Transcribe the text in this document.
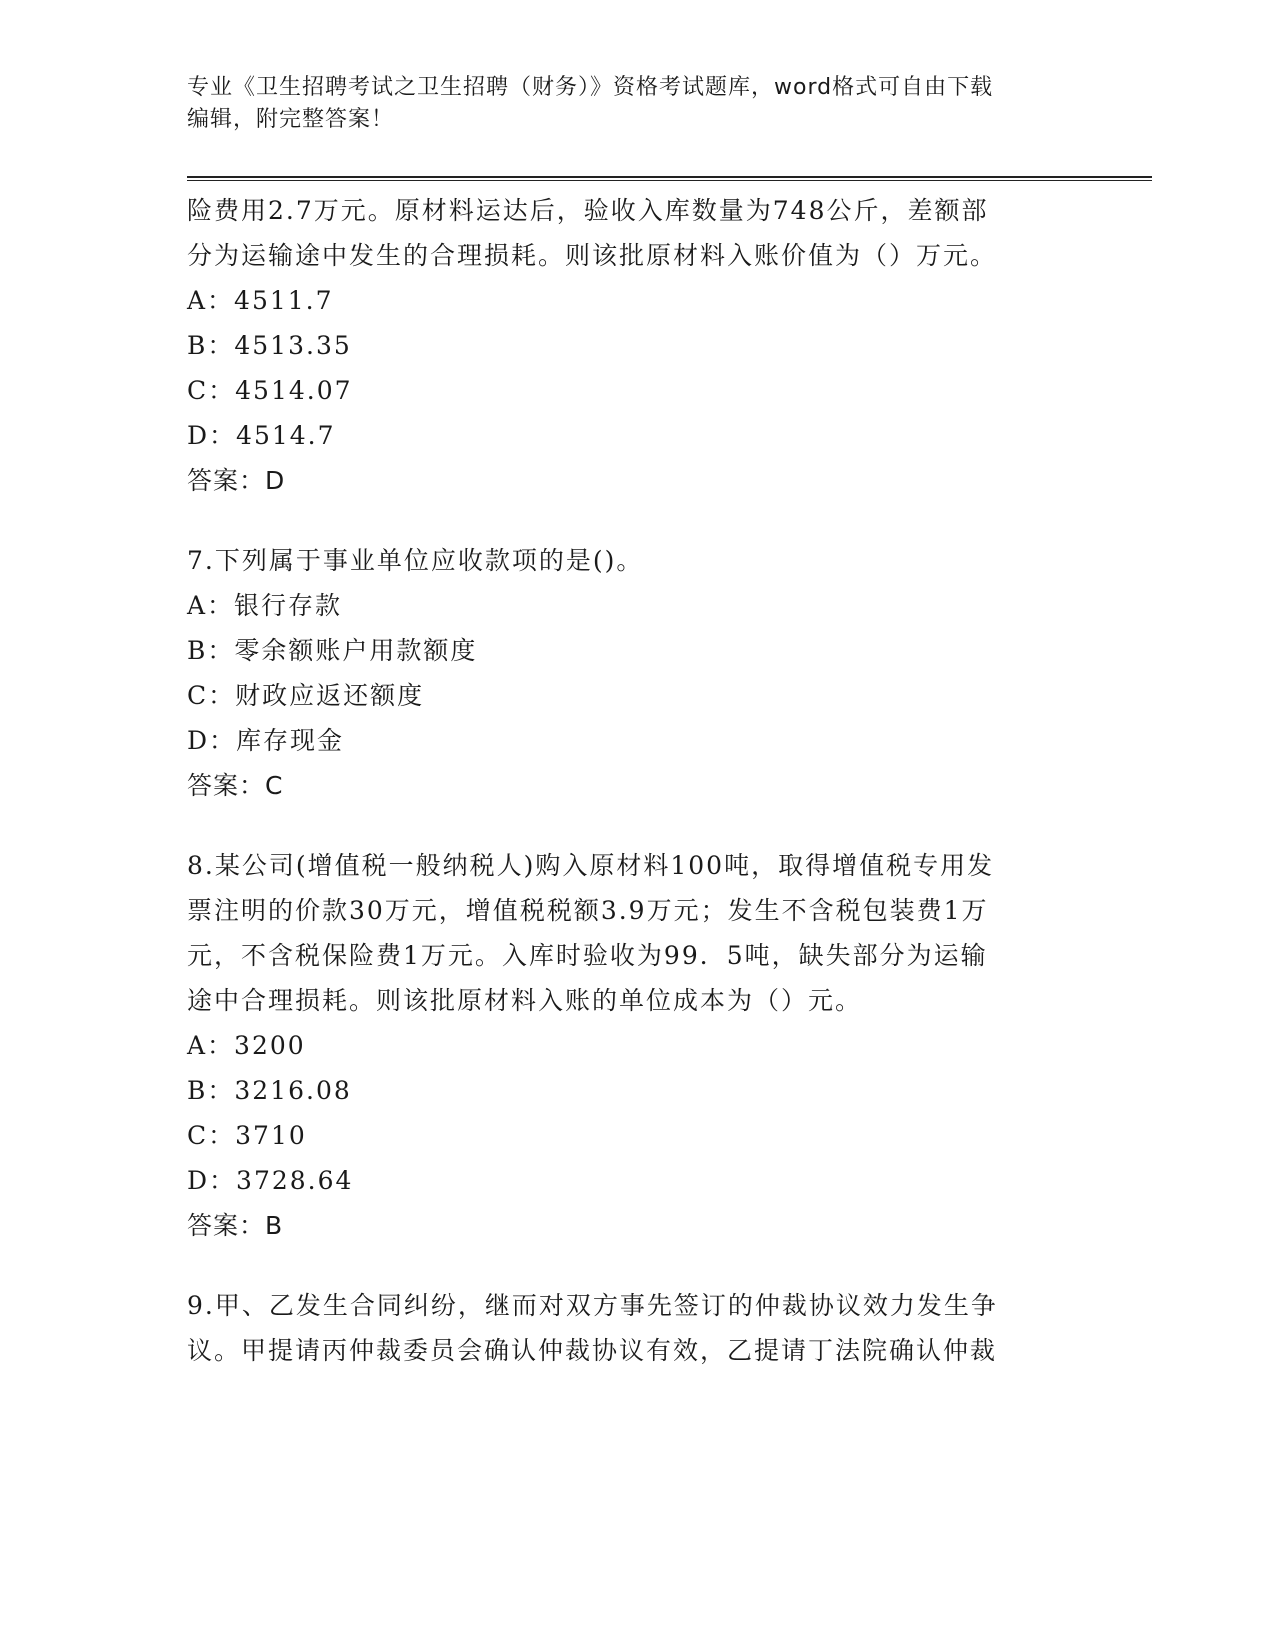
专业《卫生招聘考试之卫生招聘（财务）》资格考试题库，word格式可自由下载
编辑，附完整答案！
险费用2.7万元。原材料运达后，验收入库数量为748公斤，差额部
分为运输途中发生的合理损耗。则该批原材料入账价值为（）万元。
A：4511.7
B：4513.35
C：4514.07
D：4514.7
答案：D
7.下列属于事业单位应收款项的是()。
A：银行存款
B：零余额账户用款额度
C：财政应返还额度
D：库存现金
答案：C
8.某公司(增值税一般纳税人)购入原材料100吨，取得增值税专用发
票注明的价款30万元，增值税税额3.9万元；发生不含税包装费1万
元，不含税保险费1万元。入库时验收为99．5吨，缺失部分为运输
途中合理损耗。则该批原材料入账的单位成本为（）元。
A：3200
B：3216.08
C：3710
D：3728.64
答案：B
9.甲、乙发生合同纠纷，继而对双方事先签订的仲裁协议效力发生争
议。甲提请丙仲裁委员会确认仲裁协议有效，乙提请丁法院确认仲裁
